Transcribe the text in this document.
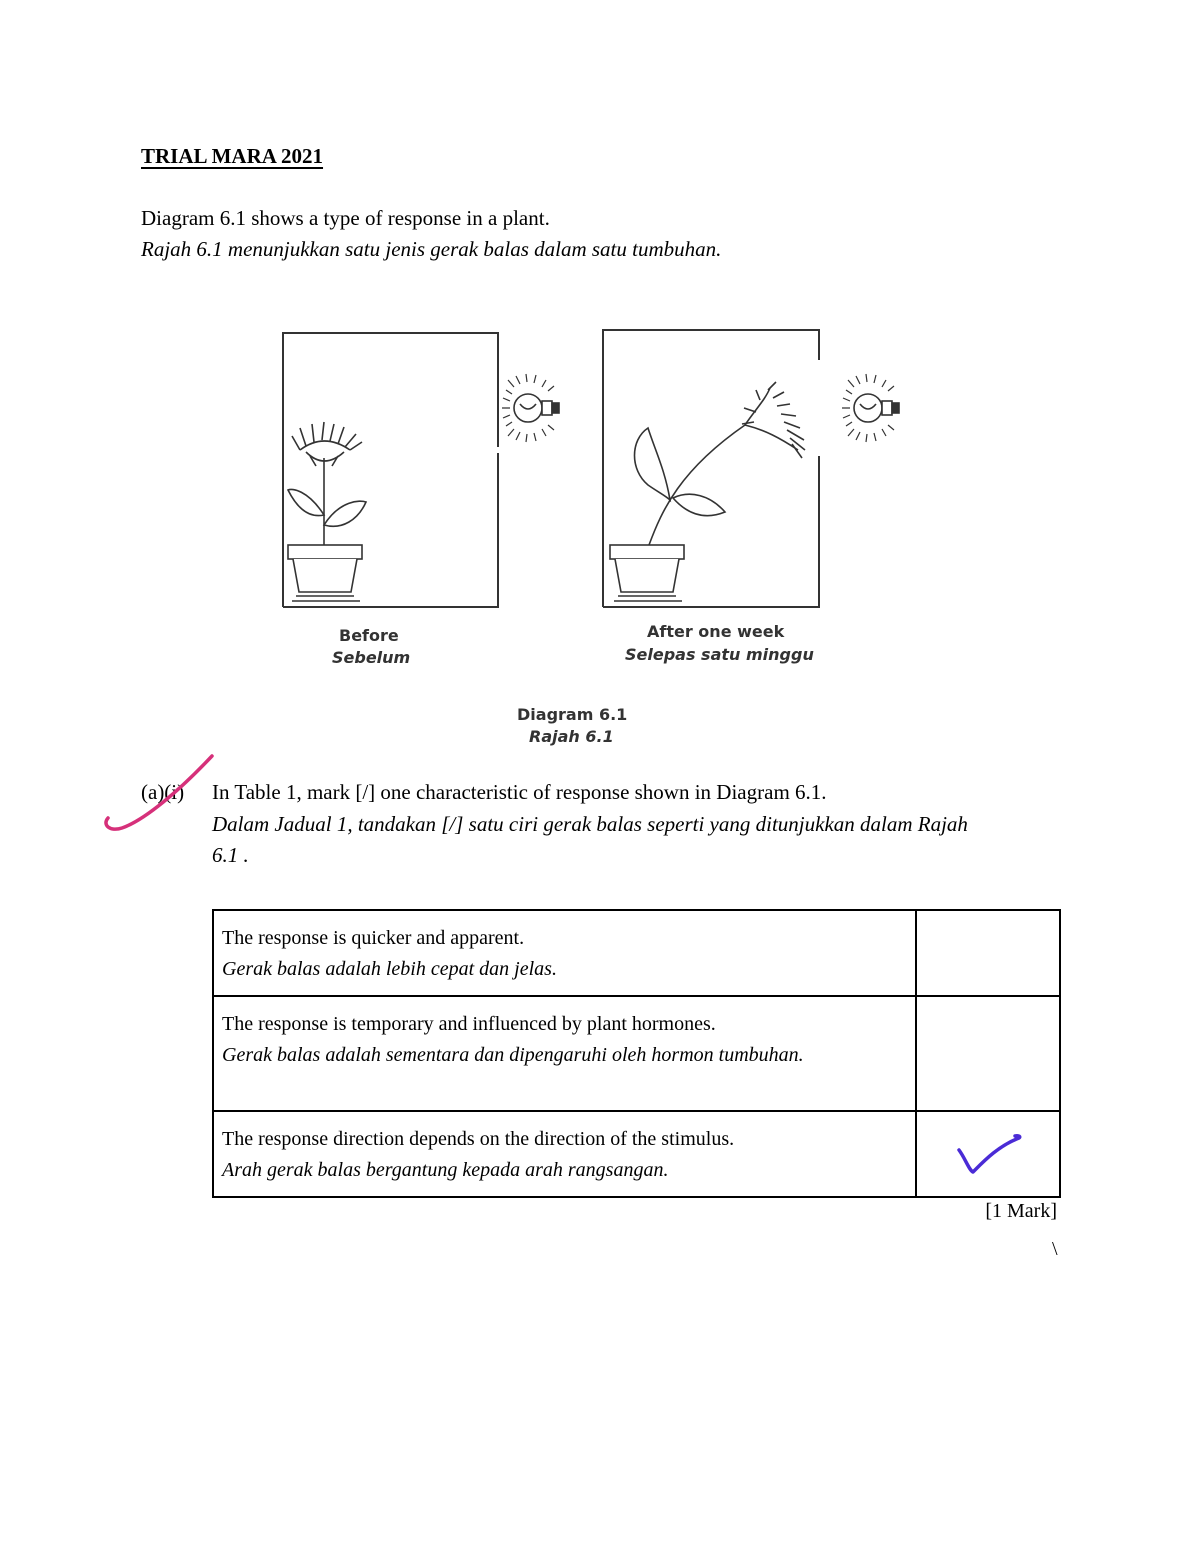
TRIAL MARA 2021
Diagram 6.1 shows a type of response in a plant.
Rajah 6.1 menunjukkan satu jenis gerak balas dalam satu tumbuhan.
Before
Sebelum
After one week
Selepas satu minggu
Diagram 6.1
Rajah 6.1
(a)(i) In Table 1, mark [/] one characteristic of response shown in Diagram 6.1.
Dalam Jadual 1, tandakan [/] satu ciri gerak balas seperti yang ditunjukkan dalam Rajah
6.1 .
The response is quicker and apparent.
Gerak balas adalah lebih cepat dan jelas.	

The response is temporary and influenced by plant hormones.
Gerak balas adalah sementara dan dipengaruhi oleh hormon tumbuhan.	

The response direction depends on the direction of the stimulus.
Arah gerak balas bergantung kepada arah rangsangan.

[1 Mark]
\
